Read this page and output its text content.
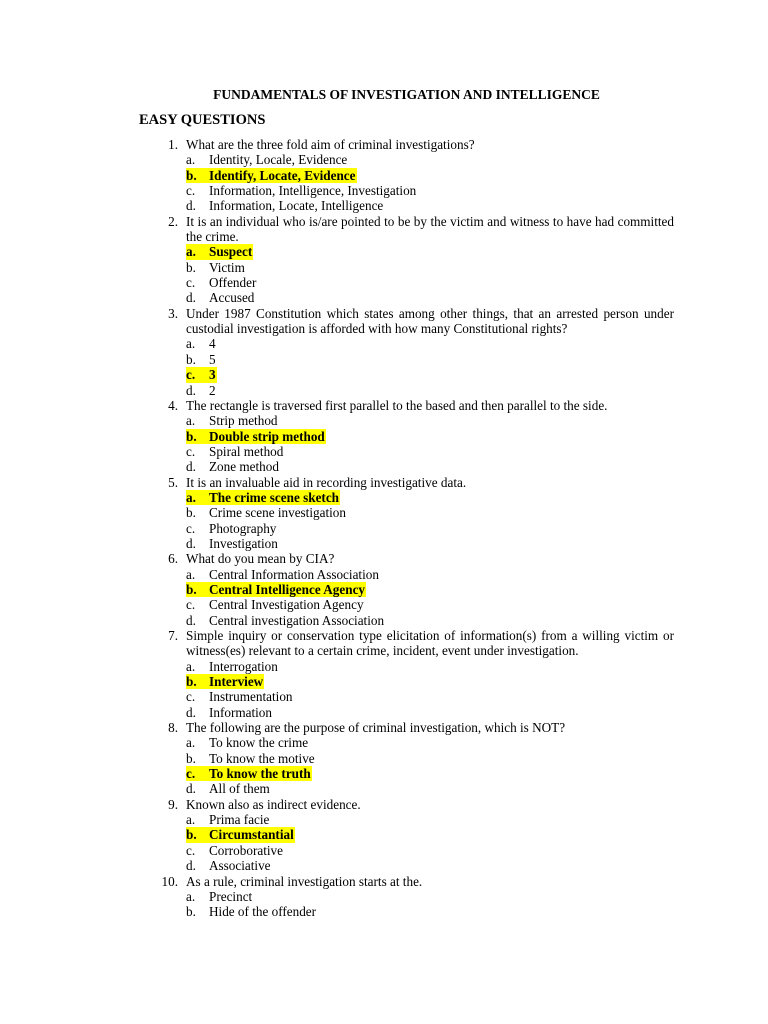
FUNDAMENTALS OF INVESTIGATION AND INTELLIGENCE
EASY QUESTIONS
1. What are the three fold aim of criminal investigations?
a. Identity, Locale, Evidence
b. Identify, Locate, Evidence
c. Information, Intelligence, Investigation
d. Information, Locate, Intelligence
2. It is an individual who is/are pointed to be by the victim and witness to have had committed the crime.
a. Suspect
b. Victim
c. Offender
d. Accused
3. Under 1987 Constitution which states among other things, that an arrested person under custodial investigation is afforded with how many Constitutional rights?
a. 4
b. 5
c.	3
d. 2
4. The rectangle is traversed first parallel to the based and then parallel to the side.
a. Strip method
b. Double strip method
c. Spiral method
d. Zone method
5. It is an invaluable aid in recording investigative data.
a. The crime scene sketch
b. Crime scene investigation
c. Photography
d. Investigation
6. What do you mean by CIA?
a. Central Information Association
b. Central Intelligence Agency
c. Central Investigation Agency
d. Central investigation Association
7. Simple inquiry or conservation type elicitation of information(s) from a willing victim or witness(es) relevant to a certain crime, incident, event under investigation.
a. Interrogation
b. Interview
c. Instrumentation
d. Information
8. The following are the purpose of criminal investigation, which is NOT?
a. To know the crime
b. To know the motive
c.	To know the truth
d. All of them
9. Known also as indirect evidence.
a. Prima facie
b. Circumstantial
c. Corroborative
d. Associative
10. As a rule, criminal investigation starts at the.
a. Precinct
b. Hide of the offender
